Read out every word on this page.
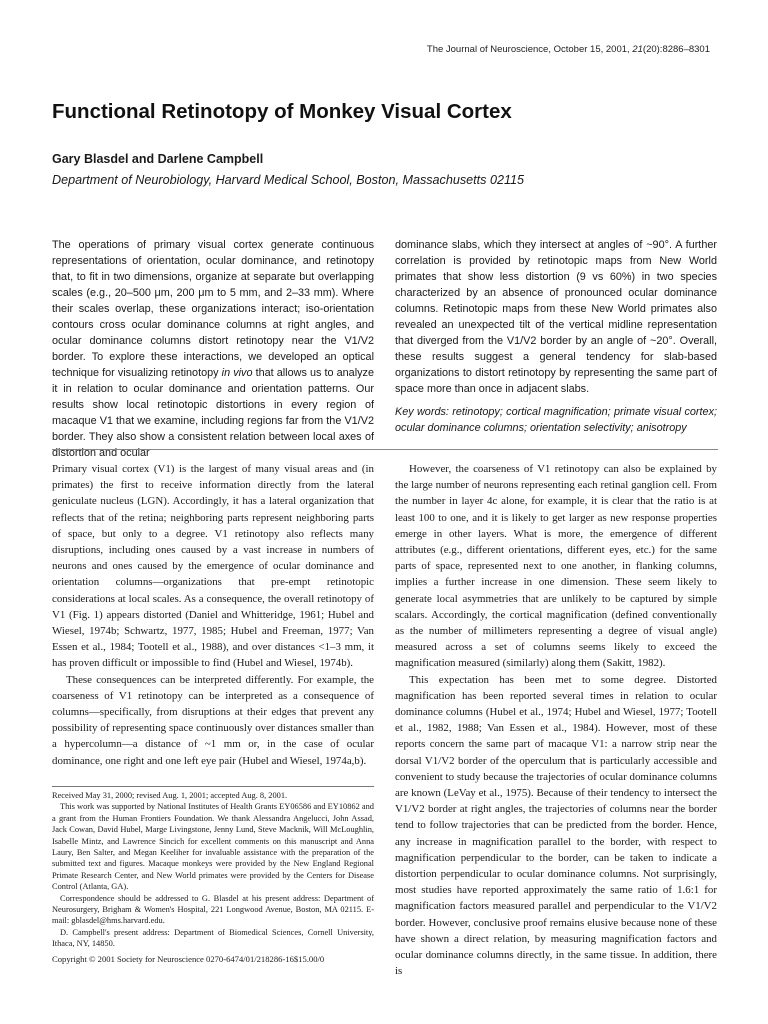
The Journal of Neuroscience, October 15, 2001, 21(20):8286–8301
Functional Retinotopy of Monkey Visual Cortex
Gary Blasdel and Darlene Campbell
Department of Neurobiology, Harvard Medical School, Boston, Massachusetts 02115
The operations of primary visual cortex generate continuous representations of orientation, ocular dominance, and retinotopy that, to fit in two dimensions, organize at separate but overlapping scales (e.g., 20–500 μm, 200 μm to 5 mm, and 2–33 mm). Where their scales overlap, these organizations interact; iso-orientation contours cross ocular dominance columns at right angles, and ocular dominance columns distort retinotopy near the V1/V2 border. To explore these interactions, we developed an optical technique for visualizing retinotopy in vivo that allows us to analyze it in relation to ocular dominance and orientation patterns. Our results show local retinotopic distortions in every region of macaque V1 that we examine, including regions far from the V1/V2 border. They also show a consistent relation between local axes of distortion and ocular
dominance slabs, which they intersect at angles of ~90°. A further correlation is provided by retinotopic maps from New World primates that show less distortion (9 vs 60%) in two species characterized by an absence of pronounced ocular dominance columns. Retinotopic maps from these New World primates also revealed an unexpected tilt of the vertical midline representation that diverged from the V1/V2 border by an angle of ~20°. Overall, these results suggest a general tendency for slab-based organizations to distort retinotopy by representing the same part of space more than once in adjacent slabs.
Key words: retinotopy; cortical magnification; primate visual cortex; ocular dominance columns; orientation selectivity; anisotropy

Primary visual cortex (V1) is the largest of many visual areas and (in primates) the first to receive information directly from the lateral geniculate nucleus (LGN). Accordingly, it has a lateral organization that reflects that of the retina; neighboring parts represent neighboring parts of space, but only to a degree. V1 retinotopy also reflects many disruptions, including ones caused by a vast increase in numbers of neurons and ones caused by the emergence of ocular dominance and orientation columns—organizations that pre-empt retinotopic considerations at local scales. As a consequence, the overall retinotopy of V1 (Fig. 1) appears distorted (Daniel and Whitteridge, 1961; Hubel and Wiesel, 1974b; Schwartz, 1977, 1985; Hubel and Freeman, 1977; Van Essen et al., 1984; Tootell et al., 1988), and over distances <1–3 mm, it has proven difficult or impossible to find (Hubel and Wiesel, 1974b).

These consequences can be interpreted differently. For example, the coarseness of V1 retinotopy can be interpreted as a consequence of columns—specifically, from disruptions at their edges that prevent any possibility of representing space continuously over distances smaller than a hypercolumn—a distance of ~1 mm or, in the case of ocular dominance, one right and one left eye pair (Hubel and Wiesel, 1974a,b).

Received May 31, 2000; revised Aug. 1, 2001; accepted Aug. 8, 2001.

This work was supported by National Institutes of Health Grants EY06586 and EY10862 and a grant from the Human Frontiers Foundation. We thank Alessandra Angelucci, John Assad, Jack Cowan, David Hubel, Marge Livingstone, Jenny Lund, Steve Macknik, Will McLoughlin, Isabelle Mintz, and Lawrence Sincich for excellent comments on this manuscript and Anna Laury, Ben Salter, and Megan Keeliher for invaluable assistance with the preparation of the submitted text and figures. Macaque monkeys were provided by the New England Regional Primate Research Center, and New World primates were provided by the Centers for Disease Control (Atlanta, GA).

Correspondence should be addressed to G. Blasdel at his present address: Department of Neurosurgery, Brigham & Women's Hospital, 221 Longwood Avenue, Boston, MA 02115. E-mail: gblasdel@hms.harvard.edu.

D. Campbell's present address: Department of Biomedical Sciences, Cornell University, Ithaca, NY, 14850.

Copyright © 2001 Society for Neuroscience 0270-6474/01/218286-16$15.00/0

However, the coarseness of V1 retinotopy can also be explained by the large number of neurons representing each retinal ganglion cell. From the number in layer 4c alone, for example, it is clear that the ratio is at least 100 to one, and it is likely to get larger as new response properties emerge in other layers. What is more, the emergence of different attributes (e.g., different orientations, different eyes, etc.) for the same parts of space, represented next to one another, in flanking columns, implies a further increase in one dimension. These seem likely to generate local asymmetries that are unlikely to be captured by simple scalars. Accordingly, the cortical magnification (defined conventionally as the number of millimeters representing a degree of visual angle) measured across a set of columns seems likely to exceed the magnification measured (similarly) along them (Sakitt, 1982).

This expectation has been met to some degree. Distorted magnification has been reported several times in relation to ocular dominance columns (Hubel et al., 1974; Hubel and Wiesel, 1977; Tootell et al., 1982, 1988; Van Essen et al., 1984). However, most of these reports concern the same part of macaque V1: a narrow strip near the dorsal V1/V2 border of the operculum that is particularly accessible and convenient to study because the trajectories of ocular dominance columns are known (LeVay et al., 1975). Because of their tendency to intersect the V1/V2 border at right angles, the trajectories of columns near the border tend to follow trajectories that can be predicted from the border. Hence, any increase in magnification parallel to the border, with respect to magnification perpendicular to the border, can be taken to indicate a distortion perpendicular to ocular dominance columns. Not surprisingly, most studies have reported approximately the same ratio of 1.6:1 for magnification factors measured parallel and perpendicular to the V1/V2 border. However, conclusive proof remains elusive because none of these have shown a direct relation, by measuring magnification factors and ocular dominance columns directly, in the same tissue. In addition, there is
